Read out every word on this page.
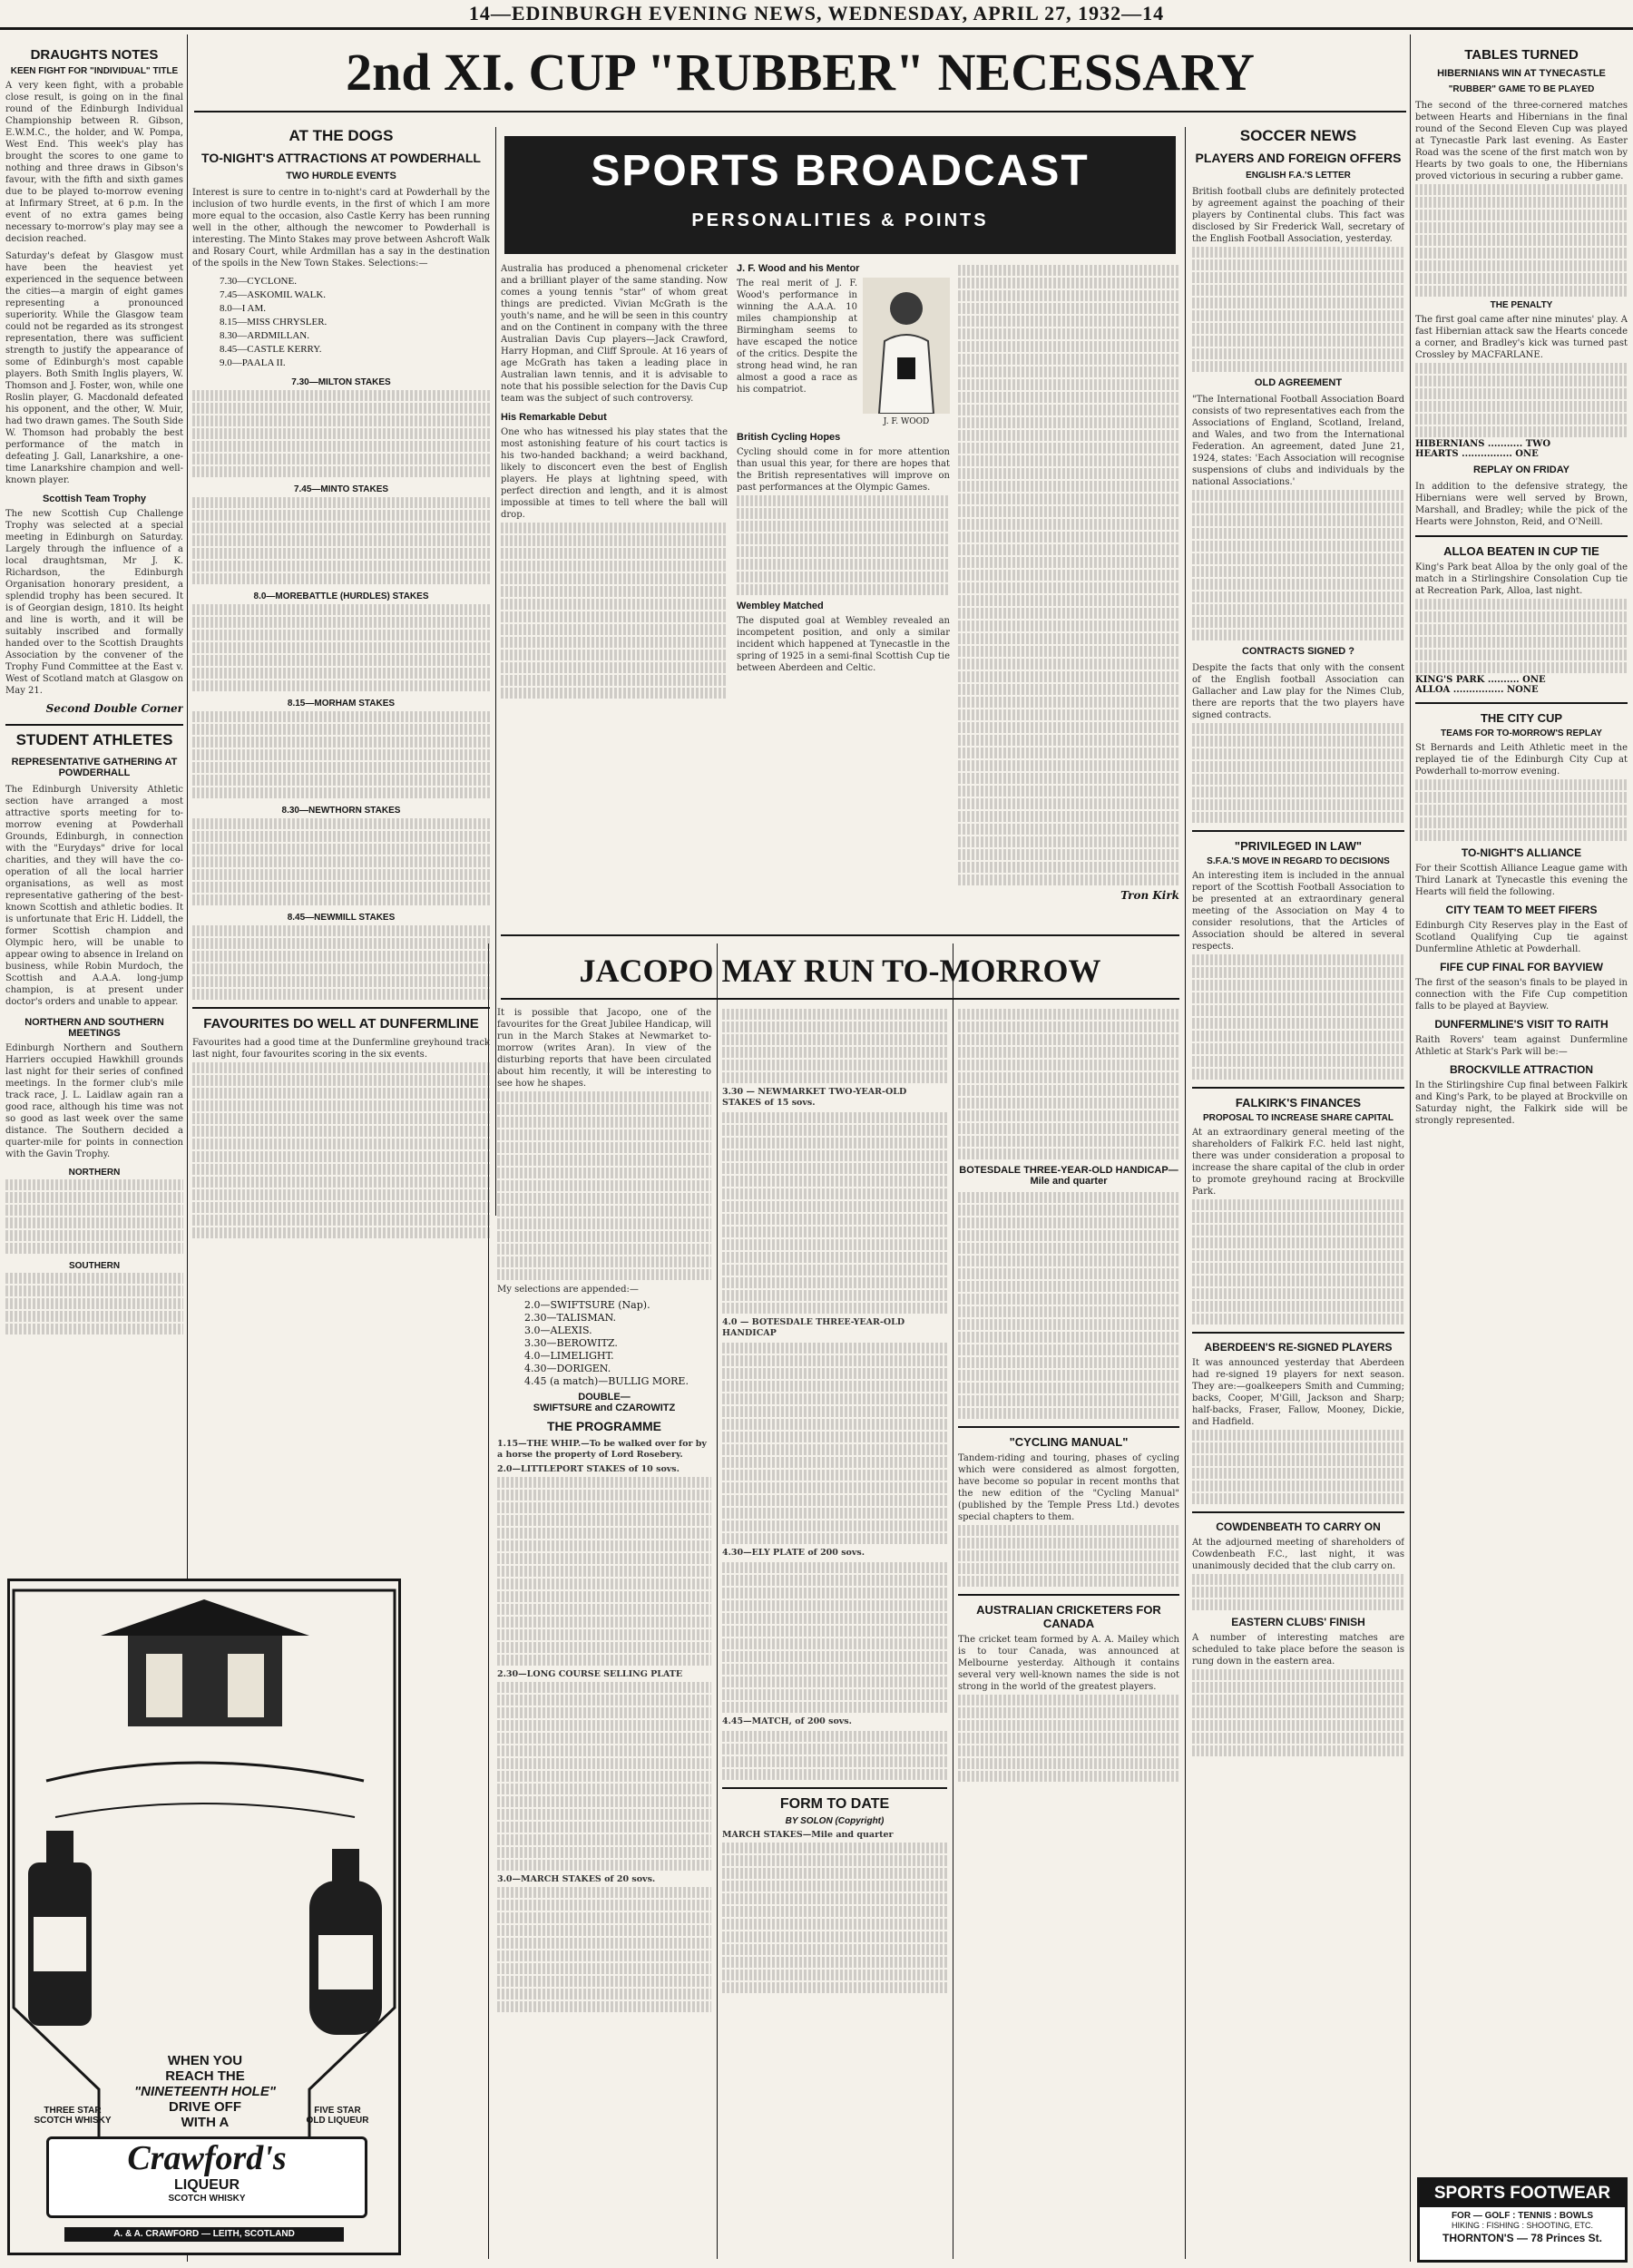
14—EDINBURGH EVENING NEWS, WEDNESDAY, APRIL 27, 1932—14
2nd XI. CUP "RUBBER" NECESSARY
DRAUGHTS NOTES
KEEN FIGHT FOR "INDIVIDUAL" TITLE
A very keen fight, with a probable close result, is going on in the final round of the Edinburgh Individual Championship between R. Gibson, E.W.M.C., the holder, and W. Pompa, West End. This week's play has brought the scores to one game to nothing and three draws in Gibson's favour, with the fifth and sixth games due to be played to-morrow evening at Infirmary Street, at 6 p.m. In the event of no extra games being necessary to-morrow's play may see a decision reached.
Saturday's defeat by Glasgow must have been the heaviest yet experienced in the sequence between the cities—a margin of eight games representing a pronounced superiority. While the Glasgow team could not be regarded as its strongest representation, there was sufficient strength to justify the appearance of some of Edinburgh's most capable players. Both Smith Inglis players, W. Thomson and J. Foster, won, while one Roslin player, G. Macdonald defeated his opponent, and the other, W. Muir, had two drawn games. The South Side W. Thomson had probably the best performance of the match in defeating J. Gall, Lanarkshire, a one-time Lanarkshire champion and well-known player.
Scottish Team Trophy
The new Scottish Cup Challenge Trophy was selected at a special meeting in Edinburgh on Saturday. Largely through the influence of a local draughtsman, Mr J. K. Richardson, the Edinburgh Organisation honorary president, a splendid trophy has been secured. It is of Georgian design, 1810. Its height and line is worth, and it will be suitably inscribed and formally handed over to the Scottish Draughts Association by the convener of the Trophy Fund Committee at the East v. West of Scotland match at Glasgow on May 21.
Second Double Corner
STUDENT ATHLETES
REPRESENTATIVE GATHERING AT POWDERHALL
The Edinburgh University Athletic section have arranged a most attractive sports meeting for to-morrow evening at Powderhall Grounds, Edinburgh, in connection with the "Eurydays" drive for local charities, and they will have the co-operation of all the local harrier organisations, as well as most representative gathering of the best-known Scottish and athletic bodies. It is unfortunate that Eric H. Liddell, the former Scottish champion and Olympic hero, will be unable to appear owing to absence in Ireland on business, while Robin Murdoch, the Scottish and A.A.A. long-jump champion, is at present under doctor's orders and unable to appear.
NORTHERN AND SOUTHERN MEETINGS
Edinburgh Northern and Southern Harriers occupied Hawkhill grounds last night for their series of confined meetings. In the former club's mile track race, J. L. Laidlaw again ran a good race, although his time was not so good as last week over the same distance. The Southern decided a quarter-mile for points in connection with the Gavin Trophy.
NORTHERN
SOUTHERN
WHEN YOU
REACH THE
"NINETEENTH HOLE"
DRIVE OFF
WITH A
THREE STAR
SCOTCH WHISKY
FIVE STAR
OLD LIQUEUR
Crawford's
LIQUEUR
SCOTCH WHISKY
A. & A. CRAWFORD — LEITH, SCOTLAND
AT THE DOGS
TO-NIGHT'S ATTRACTIONS AT POWDERHALL
TWO HURDLE EVENTS
Interest is sure to centre in to-night's card at Powderhall by the inclusion of two hurdle events, in the first of which I am more more equal to the occasion, also Castle Kerry has been running well in the other, although the newcomer to Powderhall is interesting. The Minto Stakes may prove between Ashcroft Walk and Rosary Court, while Ardmillan has a say in the destination of the spoils in the New Town Stakes. Selections:—
7.30—CYCLONE.
7.45—ASKOMIL WALK.
8.0—I AM.
8.15—MISS CHRYSLER.
8.30—ARDMILLAN.
8.45—CASTLE KERRY.
9.0—PAALA II.
7.30—MILTON STAKES
7.45—MINTO STAKES
8.0—MOREBATTLE (HURDLES) STAKES
8.15—MORHAM STAKES
8.30—NEWTHORN STAKES
8.45—NEWMILL STAKES
FAVOURITES DO WELL AT DUNFERMLINE
Favourites had a good time at the Dunfermline greyhound track last night, four favourites scoring in the six events.
SPORTS BROADCAST
PERSONALITIES & POINTS
Australia has produced a phenomenal cricketer and a brilliant player of the same standing. Now comes a young tennis "star" of whom great things are predicted. Vivian McGrath is the youth's name, and he will be seen in this country and on the Continent in company with the three Australian Davis Cup players—Jack Crawford, Harry Hopman, and Cliff Sproule. At 16 years of age McGrath has taken a leading place in Australian lawn tennis, and it is advisable to note that his possible selection for the Davis Cup team was the subject of such controversy.
His Remarkable Debut
One who has witnessed his play states that the most astonishing feature of his court tactics is his two-handed backhand; a weird backhand, likely to disconcert even the best of English players. He plays at lightning speed, with perfect direction and length, and it is almost impossible at times to tell where the ball will drop.
J. F. Wood and his Mentor
The real merit of J. F. Wood's performance in winning the A.A.A. 10 miles championship at Birmingham seems to have escaped the notice of the critics. Despite the strong head wind, he ran almost a good a race as his compatriot.
J. F. WOOD
British Cycling Hopes
Cycling should come in for more attention than usual this year, for there are hopes that the British representatives will improve on past performances at the Olympic Games.
Wembley Matched
The disputed goal at Wembley revealed an incompetent position, and only a similar incident which happened at Tynecastle in the spring of 1925 in a semi-final Scottish Cup tie between Aberdeen and Celtic.
Tron Kirk
JACOPO MAY RUN TO-MORROW
It is possible that Jacopo, one of the favourites for the Great Jubilee Handicap, will run in the March Stakes at Newmarket to-morrow (writes Aran). In view of the disturbing reports that have been circulated about him recently, it will be interesting to see how he shapes.
My selections are appended:—
2.0—SWIFTSURE (Nap).
2.30—TALISMAN.
3.0—ALEXIS.
3.30—BEROWITZ.
4.0—LIMELIGHT.
4.30—DORIGEN.
4.45 (a match)—BULLIG MORE.
DOUBLE—
SWIFTSURE and CZAROWITZ
THE PROGRAMME
1.15—THE WHIP.—To be walked over for by a horse the property of Lord Rosebery.
2.0—LITTLEPORT STAKES of 10 sovs.
2.30—LONG COURSE SELLING PLATE
3.0—MARCH STAKES of 20 sovs.
3.30 — NEWMARKET TWO-YEAR-OLD STAKES of 15 sovs.
4.0 — BOTESDALE THREE-YEAR-OLD HANDICAP
4.30—ELY PLATE of 200 sovs.
4.45—MATCH, of 200 sovs.
FORM TO DATE
BY SOLON (Copyright)
MARCH STAKES—Mile and quarter
BOTESDALE THREE-YEAR-OLD HANDICAP—Mile and quarter
"CYCLING MANUAL"
Tandem-riding and touring, phases of cycling which were considered as almost forgotten, have become so popular in recent months that the new edition of the "Cycling Manual" (published by the Temple Press Ltd.) devotes special chapters to them.
AUSTRALIAN CRICKETERS FOR CANADA
The cricket team formed by A. A. Mailey which is to tour Canada, was announced at Melbourne yesterday. Although it contains several very well-known names the side is not strong in the world of the greatest players.
SOCCER NEWS
PLAYERS AND FOREIGN OFFERS
ENGLISH F.A.'S LETTER
British football clubs are definitely protected by agreement against the poaching of their players by Continental clubs. This fact was disclosed by Sir Frederick Wall, secretary of the English Football Association, yesterday.
OLD AGREEMENT
"The International Football Association Board consists of two representatives each from the Associations of England, Scotland, Ireland, and Wales, and two from the International Federation. An agreement, dated June 21, 1924, states: 'Each Association will recognise suspensions of clubs and individuals by the national Associations.'
CONTRACTS SIGNED ?
Despite the facts that only with the consent of the English football Association can Gallacher and Law play for the Nimes Club, there are reports that the two players have signed contracts.
"PRIVILEGED IN LAW"
S.F.A.'S MOVE IN REGARD TO DECISIONS
An interesting item is included in the annual report of the Scottish Football Association to be presented at an extraordinary general meeting of the Association on May 4 to consider resolutions, that the Articles of Association should be altered in several respects.
FALKIRK'S FINANCES
PROPOSAL TO INCREASE SHARE CAPITAL
At an extraordinary general meeting of the shareholders of Falkirk F.C. held last night, there was under consideration a proposal to increase the share capital of the club in order to promote greyhound racing at Brockville Park.
ABERDEEN'S RE-SIGNED PLAYERS
It was announced yesterday that Aberdeen had re-signed 19 players for next season. They are:—goalkeepers Smith and Cumming; backs, Cooper, M'Gill, Jackson and Sharp; half-backs, Fraser, Fallow, Mooney, Dickie, and Hadfield.
COWDENBEATH TO CARRY ON
At the adjourned meeting of shareholders of Cowdenbeath F.C., last night, it was unanimously decided that the club carry on.
EASTERN CLUBS' FINISH
A number of interesting matches are scheduled to take place before the season is rung down in the eastern area.
TABLES TURNED
HIBERNIANS WIN AT TYNECASTLE
"RUBBER" GAME TO BE PLAYED
The second of the three-cornered matches between Hearts and Hibernians in the final round of the Second Eleven Cup was played at Tynecastle Park last evening. As Easter Road was the scene of the first match won by Hearts by two goals to one, the Hibernians proved victorious in securing a rubber game.
THE PENALTY
The first goal came after nine minutes' play. A fast Hibernian attack saw the Hearts concede a corner, and Bradley's kick was turned past Crossley by MACFARLANE.
HIBERNIANS ........... TWO
HEARTS ................ ONE
REPLAY ON FRIDAY
In addition to the defensive strategy, the Hibernians were well served by Brown, Marshall, and Bradley; while the pick of the Hearts were Johnston, Reid, and O'Neill.
ALLOA BEATEN IN CUP TIE
King's Park beat Alloa by the only goal of the match in a Stirlingshire Consolation Cup tie at Recreation Park, Alloa, last night.
KING'S PARK .......... ONE
ALLOA ................ NONE
THE CITY CUP
TEAMS FOR TO-MORROW'S REPLAY
St Bernards and Leith Athletic meet in the replayed tie of the Edinburgh City Cup at Powderhall to-morrow evening.
TO-NIGHT'S ALLIANCE
For their Scottish Alliance League game with Third Lanark at Tynecastle this evening the Hearts will field the following.
CITY TEAM TO MEET FIFERS
Edinburgh City Reserves play in the East of Scotland Qualifying Cup tie against Dunfermline Athletic at Powderhall.
FIFE CUP FINAL FOR BAYVIEW
The first of the season's finals to be played in connection with the Fife Cup competition falls to be played at Bayview.
DUNFERMLINE'S VISIT TO RAITH
Raith Rovers' team against Dunfermline Athletic at Stark's Park will be:—
BROCKVILLE ATTRACTION
In the Stirlingshire Cup final between Falkirk and King's Park, to be played at Brockville on Saturday night, the Falkirk side will be strongly represented.
SPORTS FOOTWEAR
FOR — GOLF : TENNIS : BOWLS
HIKING : FISHING : SHOOTING, ETC.
THORNTON'S — 78 Princes St.
